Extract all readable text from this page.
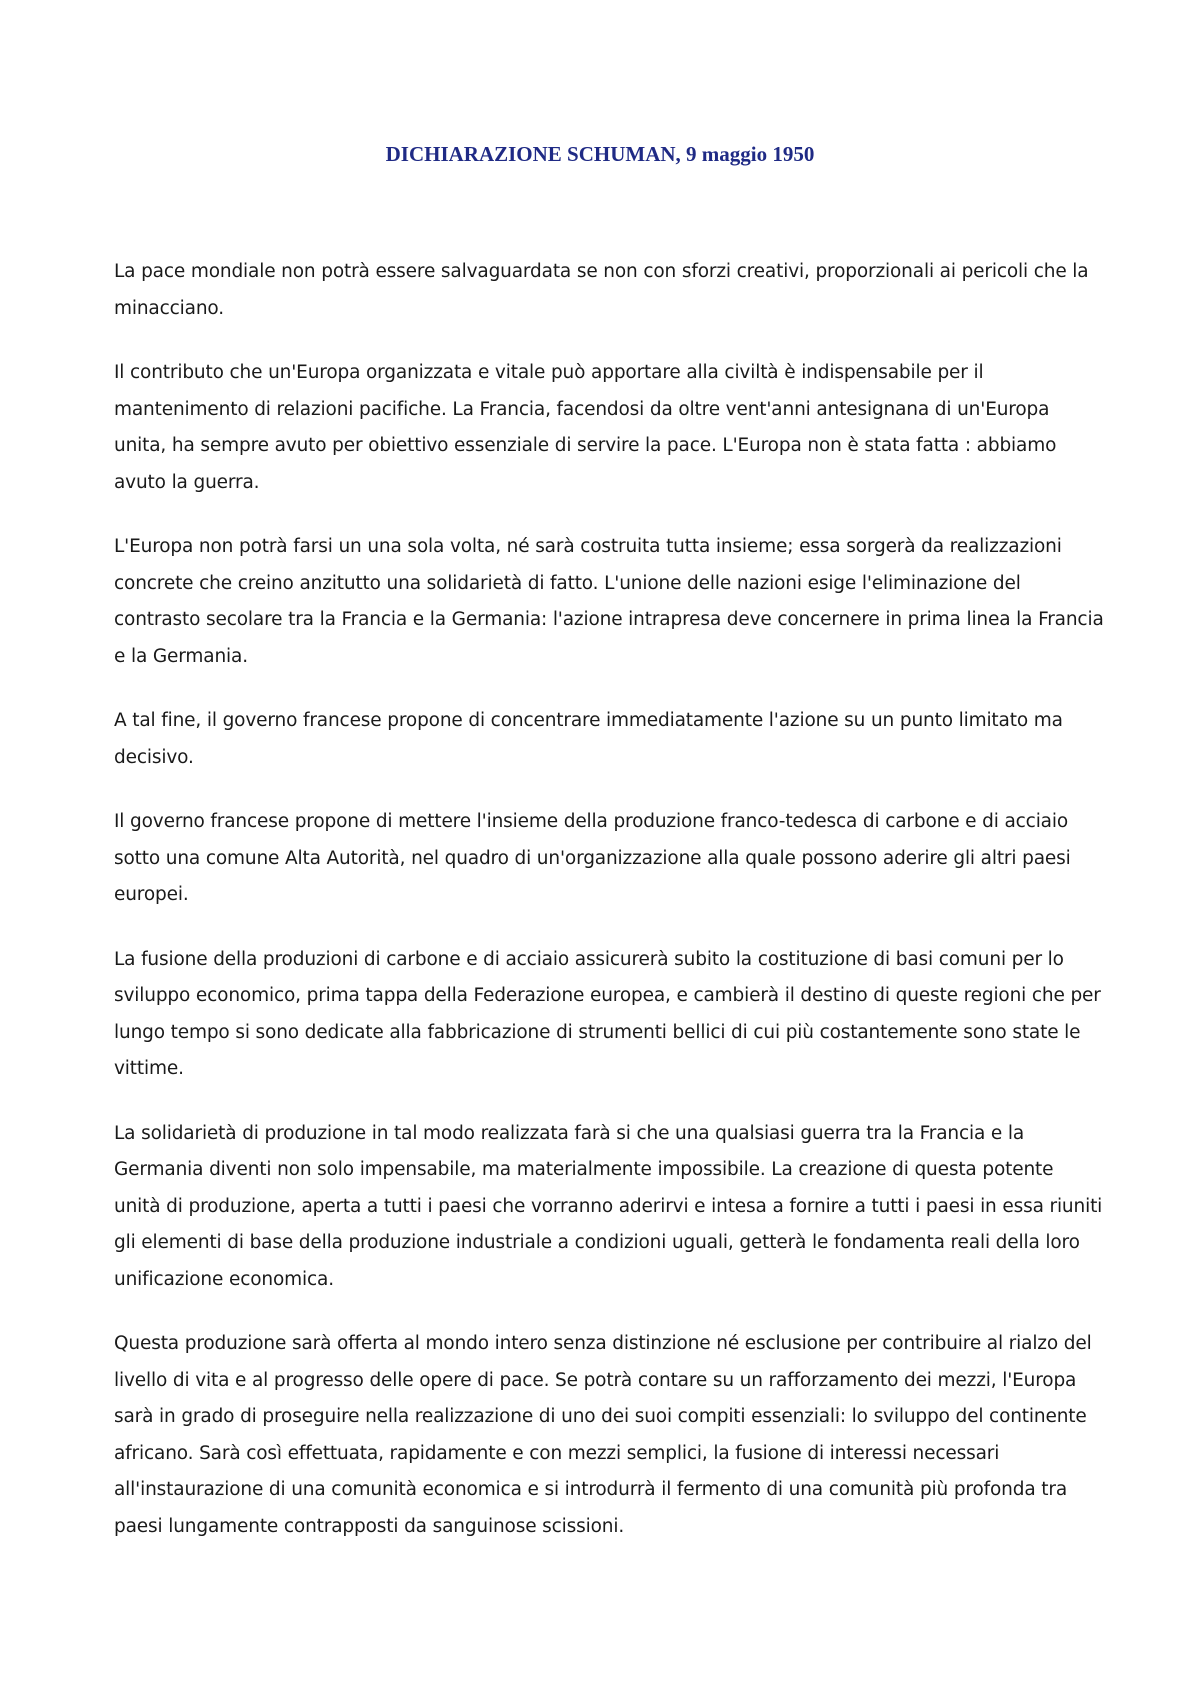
DICHIARAZIONE SCHUMAN, 9 maggio 1950

La pace mondiale non potrà essere salvaguardata se non con sforzi creativi, proporzionali ai pericoli che la minacciano.

Il contributo che un'Europa organizzata e vitale può apportare alla civiltà è indispensabile per il mantenimento di relazioni pacifiche. La Francia, facendosi da oltre vent'anni antesignana di un'Europa unita, ha sempre avuto per obiettivo essenziale di servire la pace. L'Europa non è stata fatta : abbiamo avuto la guerra.

L'Europa non potrà farsi un una sola volta, né sarà costruita tutta insieme; essa sorgerà da realizzazioni concrete che creino anzitutto una solidarietà di fatto. L'unione delle nazioni esige l'eliminazione del contrasto secolare tra la Francia e la Germania: l'azione intrapresa deve concernere in prima linea la Francia e la Germania.

A tal fine, il governo francese propone di concentrare immediatamente l'azione su un punto limitato ma decisivo.

Il governo francese propone di mettere l'insieme della produzione franco-tedesca di carbone e di acciaio sotto una comune Alta Autorità, nel quadro di un'organizzazione alla quale possono aderire gli altri paesi europei.

La fusione della produzioni di carbone e di acciaio assicurerà subito la costituzione di basi comuni per lo sviluppo economico, prima tappa della Federazione europea, e cambierà il destino di queste regioni che per lungo tempo si sono dedicate alla fabbricazione di strumenti bellici di cui più costantemente sono state le vittime.

La solidarietà di produzione in tal modo realizzata farà si che una qualsiasi guerra tra la Francia e la Germania diventi non solo impensabile, ma materialmente impossibile. La creazione di questa potente unità di produzione, aperta a tutti i paesi che vorranno aderirvi e intesa a fornire a tutti i paesi in essa riuniti gli elementi di base della produzione industriale a condizioni uguali, getterà le fondamenta reali della loro unificazione economica.

Questa produzione sarà offerta al mondo intero senza distinzione né esclusione per contribuire al rialzo del livello di vita e al progresso delle opere di pace. Se potrà contare su un rafforzamento dei mezzi, l'Europa sarà in grado di proseguire nella realizzazione di uno dei suoi compiti essenziali: lo sviluppo del continente africano. Sarà così effettuata, rapidamente e con mezzi semplici, la fusione di interessi necessari all'instaurazione di una comunità economica e si introdurrà il fermento di una comunità più profonda tra paesi lungamente contrapposti da sanguinose scissioni.
